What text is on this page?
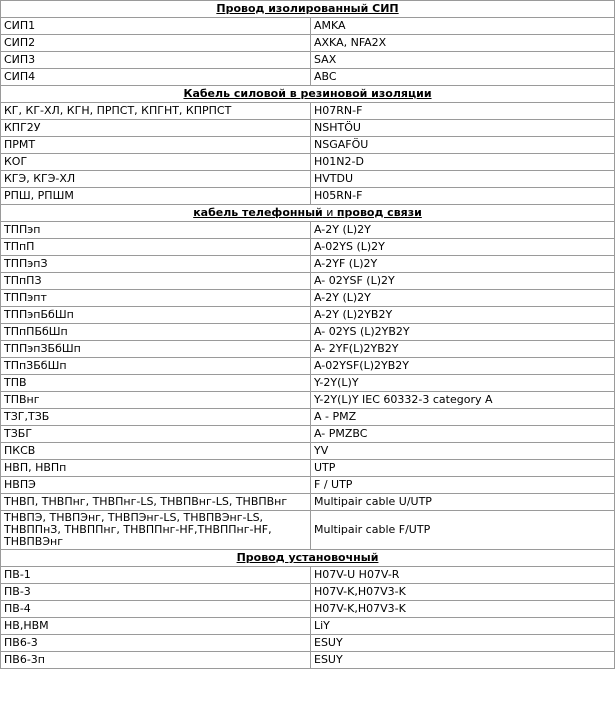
Провод изолированный СИП	
СИП1	AMKA
СИП2	AXKA, NFA2X
СИП3	SAX
СИП4	ABC
Кабель силовой в резиновой изоляции	
КГ, КГ-ХЛ, КГН, ПРПСТ, КПГНТ, КПРПСТ	H07RN-F
КПГ2У	NSHTÖU
ПРМТ	NSGAFÖU
КОГ	H01N2-D
КГЭ, КГЭ-ХЛ	HVTDU
РПШ, РПШМ	H05RN-F
кабель телефонный и провод связи	
ТППэп	A-2Y (L)2Y
ТПпП	A-02YS (L)2Y
ТППэпЗ	A-2YF (L)2Y
ТПпПЗ	A- 02YSF (L)2Y
ТППэпт	A-2Y (L)2Y
ТППэпБбШп	A-2Y (L)2YB2Y
ТПпПБбШп	A- 02YS (L)2YB2Y
ТППэпЗБбШп	A- 2YF(L)2YB2Y
ТПпЗБбШп	A-02YSF(L)2YB2Y
ТПВ	Y-2Y(L)Y
ТПВнг	Y-2Y(L)Y IEC 60332-3 category A
ТЗГ,ТЗБ	A - PMZ
ТЗБГ	A- PMZBC
ПКСВ	YV
НВП, НВПп	UTP
НВПЭ	F / UTP
ТНВП, ТНВПнг, ТНВПнг-LS, ТНВПВнг-LS, ТНВПВнг	Multipair cable U/UTP
ТНВПЭ, ТНВПЭнг, ТНВПЭнг-LS, ТНВПВЭнг-LS, ТНВППнЗ, ТНВППнг, ТНВППнг-HF,ТНВППнг-HF, ТНВПВЭнг	Multipair cable F/UTP
Провод установочный	
ПВ-1	H07V-U H07V-R
ПВ-3	H07V-K,H07V3-K
ПВ-4	H07V-K,H07V3-K
НВ,НВМ	LiY
ПВ6-3	ESUY
ПВ6-3п	ESUY
